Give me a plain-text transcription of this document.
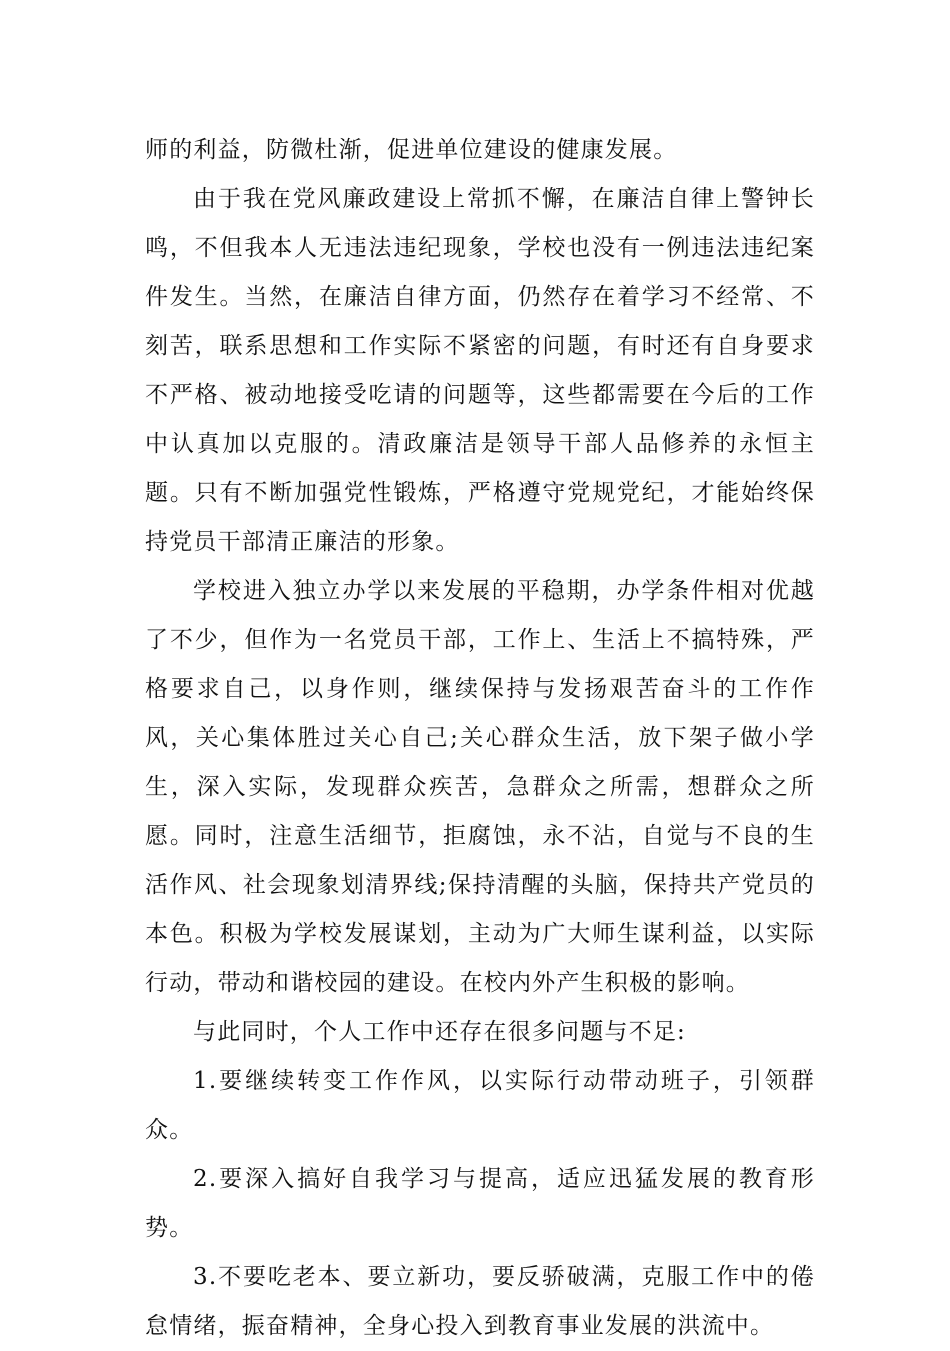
师的利益，防微杜渐，促进单位建设的健康发展。

由于我在党风廉政建设上常抓不懈，在廉洁自律上警钟长鸣，不但我本人无违法违纪现象，学校也没有一例违法违纪案件发生。当然，在廉洁自律方面，仍然存在着学习不经常、不刻苦，联系思想和工作实际不紧密的问题，有时还有自身要求不严格、被动地接受吃请的问题等，这些都需要在今后的工作中认真加以克服的。清政廉洁是领导干部人品修养的永恒主题。只有不断加强党性锻炼，严格遵守党规党纪，才能始终保持党员干部清正廉洁的形象。

学校进入独立办学以来发展的平稳期，办学条件相对优越了不少，但作为一名党员干部，工作上、生活上不搞特殊，严格要求自己，以身作则，继续保持与发扬艰苦奋斗的工作作风，关心集体胜过关心自己;关心群众生活，放下架子做小学生，深入实际，发现群众疾苦，急群众之所需，想群众之所愿。同时，注意生活细节，拒腐蚀，永不沾，自觉与不良的生活作风、社会现象划清界线;保持清醒的头脑，保持共产党员的本色。积极为学校发展谋划，主动为广大师生谋利益，以实际行动，带动和谐校园的建设。在校内外产生积极的影响。

与此同时，个人工作中还存在很多问题与不足:

1.要继续转变工作作风，以实际行动带动班子，引领群众。

2.要深入搞好自我学习与提高，适应迅猛发展的教育形势。

3.不要吃老本、要立新功，要反骄破满，克服工作中的倦怠情绪，振奋精神，全身心投入到教育事业发展的洪流中。
